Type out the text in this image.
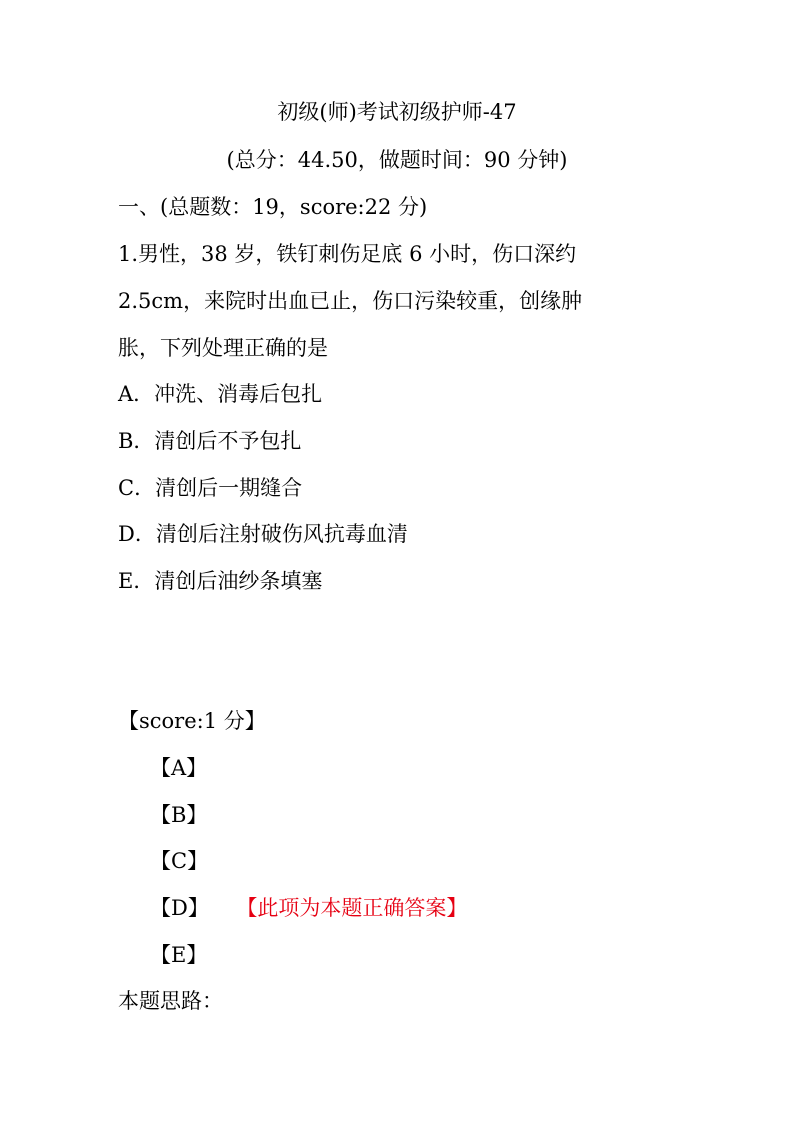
初级(师)考试初级护师-47
(总分：44.50，做题时间：90 分钟)
一、(总题数：19，score:22 分)
1.男性，38 岁，铁钉刺伤足底 6 小时，伤口深约
2.5cm，来院时出血已止，伤口污染较重，创缘肿
胀，下列处理正确的是
A．冲洗、消毒后包扎
B．清创后不予包扎
C．清创后一期缝合
D．清创后注射破伤风抗毒血清
E．清创后油纱条填塞
【score:1 分】
【A】
【B】
【C】
【D】 【此项为本题正确答案】
【E】
本题思路：
